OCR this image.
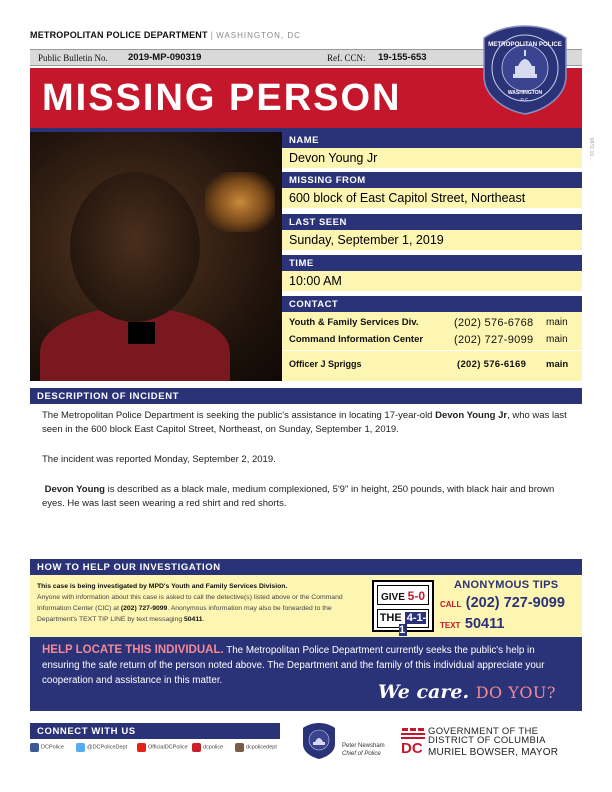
METROPOLITAN POLICE DEPARTMENT | WASHINGTON, DC
Public Bulletin No. 2019-MP-090319	Ref. CCN: 19-155-653
MISSING PERSON
METROPOLITAN POLICE
WASHINGTON
D.C.
NAME
Devon Young Jr
MISSING FROM
600 block of East Capitol Street, Northeast
LAST SEEN
Sunday, September 1, 2019
TIME
10:00 AM
CONTACT
Youth & Family Services Div.	(202) 576-6768 main
Command Information Center	(202) 727-9099 main
Officer J Spriggs	(202) 576-6169 main
MPD 19 ...
DESCRIPTION OF INCIDENT

The Metropolitan Police Department is seeking the public's assistance in locating 17-year-old Devon Young Jr, who was last seen in the 600 block East Capitol Street, Northeast, on Sunday, September 1, 2019.

The incident was reported Monday, September 2, 2019.

Devon Young is described as a black male, medium complexioned, 5'9" in height, 250 pounds, with black hair and brown eyes. He was last seen wearing a red shirt and red shorts.

HOW TO HELP OUR INVESTIGATION
This case is being investigated by MPD's Youth and Family Services Division.
Anyone with information about this case is asked to call the detective(s) listed above or the Command Information Center (CIC) at (202) 727-9099. Anonymous information may also be forwarded to the Department's TEXT TIP LINE by text messaging 50411.
GIVE 5-0
THE 4-1-1
ANONYMOUS TIPS
CALL (202) 727-9099
TEXT 50411
HELP LOCATE THIS INDIVIDUAL. The Metropolitan Police Department currently seeks the public's help in ensuring the safe return of the person noted above. The Department and the family of this individual appreciate your cooperation and assistance in this matter.
We care. DO YOU?
CONNECT WITH US
DCPolice	@DCPoliceDept	OfficialDCPolice	dcpolice	dcpolicedept	Peter Newsham
Chief of Police DC
GOVERNMENT OF THE
DISTRICT OF COLUMBIA
MURIEL BOWSER, MAYOR
